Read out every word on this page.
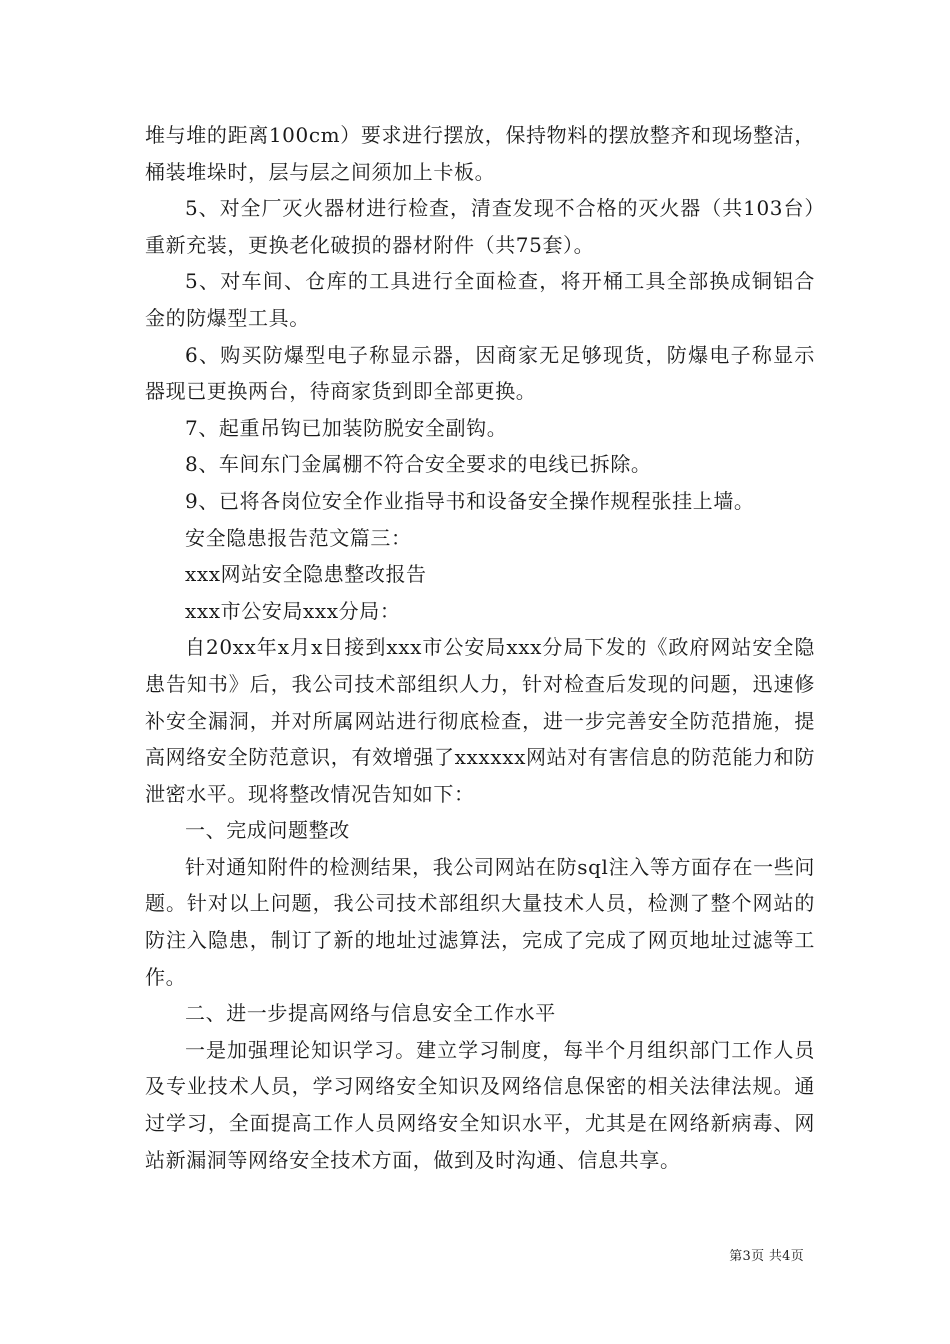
堆与堆的距离100cm）要求进行摆放，保持物料的摆放整齐和现场整洁，桶装堆垛时，层与层之间须加上卡板。

5、对全厂灭火器材进行检查，清查发现不合格的灭火器（共103台）重新充装，更换老化破损的器材附件（共75套）。

5、对车间、仓库的工具进行全面检查，将开桶工具全部换成铜铝合金的防爆型工具。

6、购买防爆型电子称显示器，因商家无足够现货，防爆电子称显示器现已更换两台，待商家货到即全部更换。

7、起重吊钩已加装防脱安全副钩。

8、车间东门金属棚不符合安全要求的电线已拆除。

9、已将各岗位安全作业指导书和设备安全操作规程张挂上墙。

安全隐患报告范文篇三：

xxx网站安全隐患整改报告

xxx市公安局xxx分局：

自20xx年x月x日接到xxx市公安局xxx分局下发的《政府网站安全隐患告知书》后，我公司技术部组织人力，针对检查后发现的问题，迅速修补安全漏洞，并对所属网站进行彻底检查，进一步完善安全防范措施，提高网络安全防范意识，有效增强了xxxxxx网站对有害信息的防范能力和防泄密水平。现将整改情况告知如下：

一、完成问题整改

针对通知附件的检测结果，我公司网站在防sql注入等方面存在一些问题。针对以上问题，我公司技术部组织大量技术人员，检测了整个网站的防注入隐患，制订了新的地址过滤算法，完成了完成了网页地址过滤等工作。

二、进一步提高网络与信息安全工作水平

一是加强理论知识学习。建立学习制度，每半个月组织部门工作人员及专业技术人员，学习网络安全知识及网络信息保密的相关法律法规。通过学习，全面提高工作人员网络安全知识水平，尤其是在网络新病毒、网站新漏洞等网络安全技术方面，做到及时沟通、信息共享。

第3页 共4页
